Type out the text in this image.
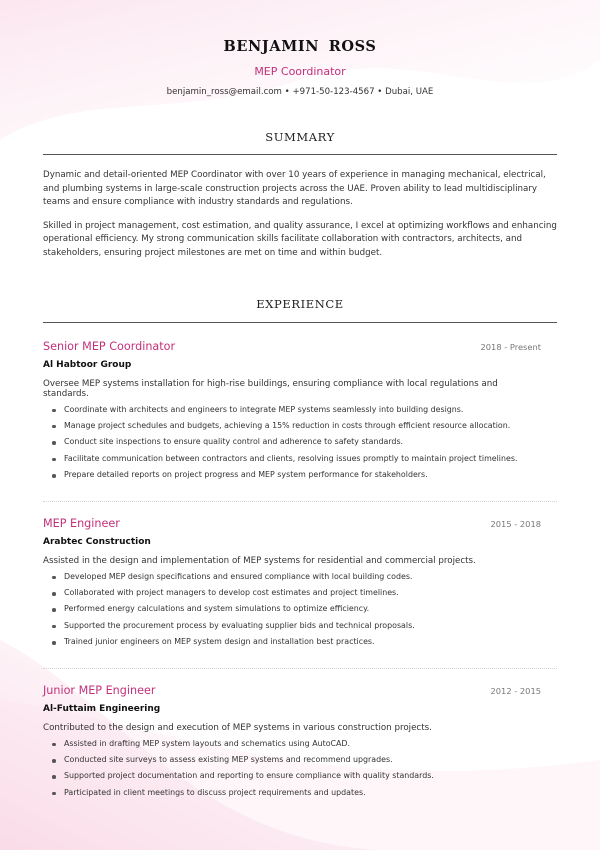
BENJAMIN ROSS
MEP Coordinator
benjamin_ross@email.com • +971-50-123-4567 • Dubai, UAE
SUMMARY

Dynamic and detail-oriented MEP Coordinator with over 10 years of experience in managing mechanical, electrical, and plumbing systems in large-scale construction projects across the UAE. Proven ability to lead multidisciplinary teams and ensure compliance with industry standards and regulations.

Skilled in project management, cost estimation, and quality assurance, I excel at optimizing workflows and enhancing operational efficiency. My strong communication skills facilitate collaboration with contractors, architects, and stakeholders, ensuring project milestones are met on time and within budget.

EXPERIENCE
Senior MEP Coordinator	2018 - Present
Al Habtoor Group
Oversee MEP systems installation for high-rise buildings, ensuring compliance with local regulations and standards.
Coordinate with architects and engineers to integrate MEP systems seamlessly into building designs.
Manage project schedules and budgets, achieving a 15% reduction in costs through efficient resource allocation.
Conduct site inspections to ensure quality control and adherence to safety standards.
Facilitate communication between contractors and clients, resolving issues promptly to maintain project timelines.
Prepare detailed reports on project progress and MEP system performance for stakeholders.
MEP Engineer	2015 - 2018
Arabtec Construction
Assisted in the design and implementation of MEP systems for residential and commercial projects.
Developed MEP design specifications and ensured compliance with local building codes.
Collaborated with project managers to develop cost estimates and project timelines.
Performed energy calculations and system simulations to optimize efficiency.
Supported the procurement process by evaluating supplier bids and technical proposals.
Trained junior engineers on MEP system design and installation best practices.
Junior MEP Engineer	2012 - 2015
Al-Futtaim Engineering
Contributed to the design and execution of MEP systems in various construction projects.
Assisted in drafting MEP system layouts and schematics using AutoCAD.
Conducted site surveys to assess existing MEP systems and recommend upgrades.
Supported project documentation and reporting to ensure compliance with quality standards.
Participated in client meetings to discuss project requirements and updates.
